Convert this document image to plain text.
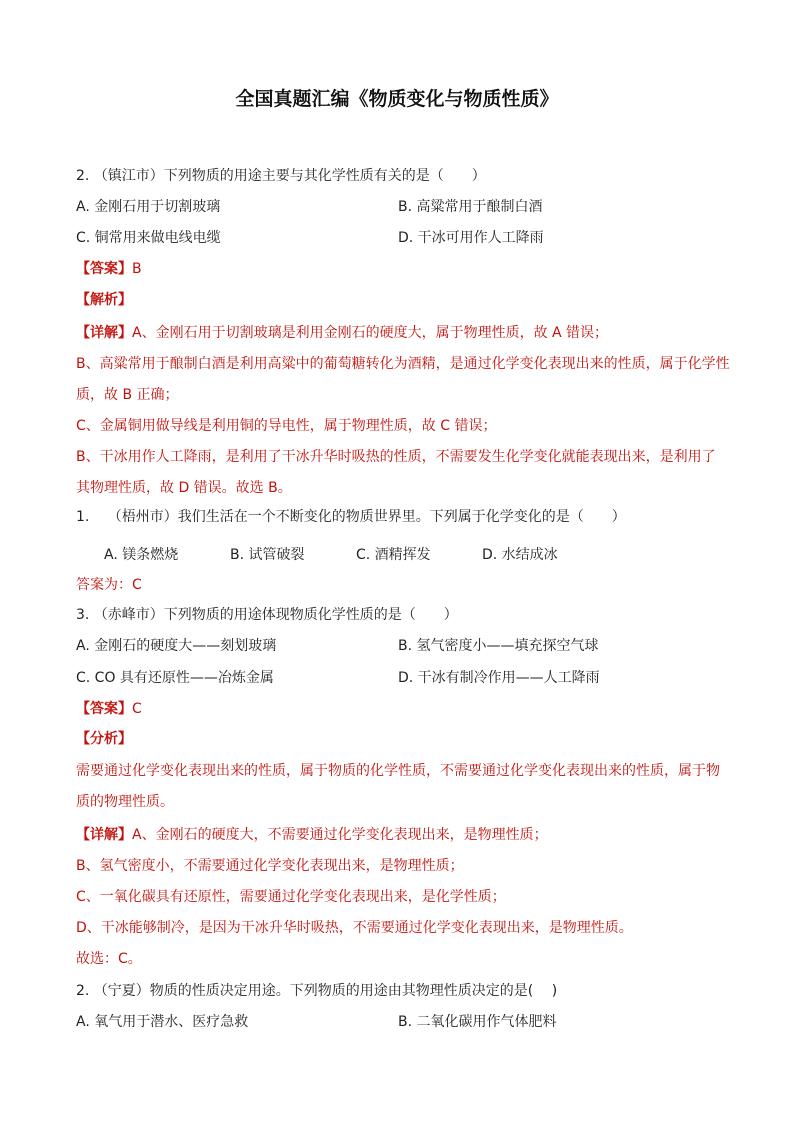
全国真题汇编《物质变化与物质性质》
2. （镇江市）下列物质的用途主要与其化学性质有关的是（　　）
A. 金刚石用于切割玻璃	B. 高粱常用于酿制白酒
C. 铜常用来做电线电缆	D. 干冰可用作人工降雨
【答案】B
【解析】
【详解】A、金刚石用于切割玻璃是利用金刚石的硬度大，属于物理性质，故 A 错误；
B、高粱常用于酿制白酒是利用高粱中的葡萄糖转化为酒精，是通过化学变化表现出来的性质，属于化学性
质，故 B 正确；
C、金属铜用做导线是利用铜的导电性，属于物理性质，故 C 错误；
B、干冰用作人工降雨，是利用了干冰升华时吸热的性质，不需要发生化学变化就能表现出来，是利用了
其物理性质，故 D 错误。故选 B。
1.　 （梧州市）我们生活在一个不断变化的物质世界里。下列属于化学变化的是（　　）
A. 镁条燃烧	B. 试管破裂	C. 酒精挥发	D. 水结成冰
答案为：C
3. （赤峰市）下列物质的用途体现物质化学性质的是（　　）
A. 金刚石的硬度大——刻划玻璃	B. 氢气密度小——填充探空气球
C. CO 具有还原性——冶炼金属	D. 干冰有制冷作用——人工降雨
【答案】C
【分析】
需要通过化学变化表现出来的性质，属于物质的化学性质，不需要通过化学变化表现出来的性质，属于物
质的物理性质。
【详解】A、金刚石的硬度大，不需要通过化学变化表现出来，是物理性质；
B、氢气密度小，不需要通过化学变化表现出来，是物理性质；
C、一氧化碳具有还原性，需要通过化学变化表现出来，是化学性质；
D、干冰能够制冷，是因为干冰升华时吸热，不需要通过化学变化表现出来，是物理性质。
故选：C。
2. （宁夏）物质的性质决定用途。下列物质的用途由其物理性质决定的是(　 )
A. 氧气用于潜水、医疗急救	B. 二氧化碳用作气体肥料
